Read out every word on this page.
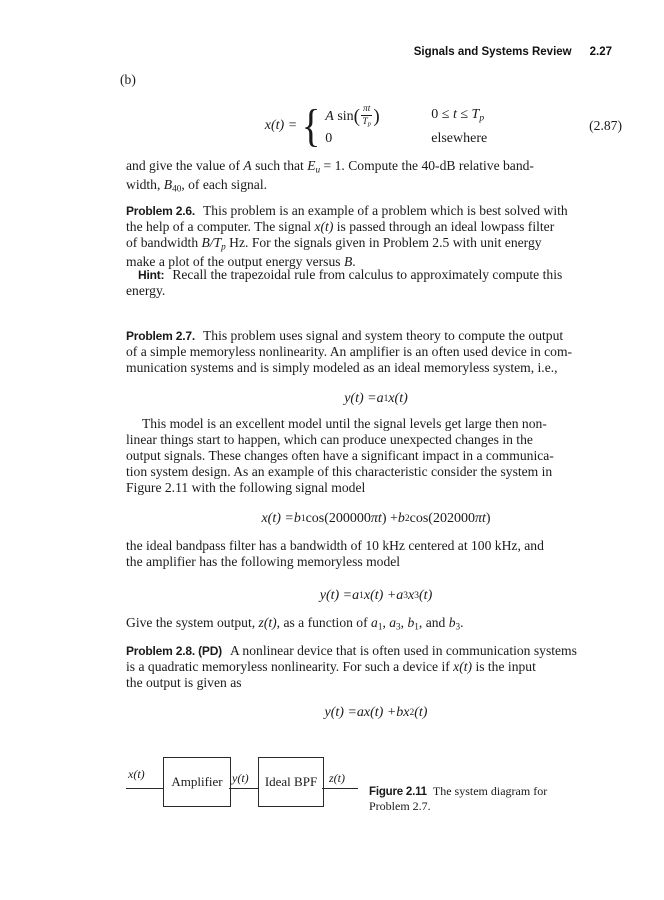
Signals and Systems Review 2.27
(b)
x(t) = { A sin ( $\frac{\pi t}{Tp}$ )	0 ≤ t ≤ Tp
0	elsewhere
(2.87)

and give the value of A such that Eu = 1. Compute the 40-dB relative band-
width, B40, of each signal.

Problem 2.6. This problem is an example of a problem which is best solved with
the help of a computer. The signal x(t) is passed through an ideal lowpass filter
of bandwidth B/Tp Hz. For the signals given in Problem 2.5 with unit energy
make a plot of the output energy versus B.

Hint: Recall the trapezoidal rule from calculus to approximately compute this
energy.

Problem 2.7. This problem uses signal and system theory to compute the output
of a simple memoryless nonlinearity. An amplifier is an often used device in com-
munication systems and is simply modeled as an ideal memoryless system, i.e.,

y(t) = a 1 x(t)

This model is an excellent model until the signal levels get large then non-
linear things start to happen, which can produce unexpected changes in the
output signals. These changes often have a significant impact in a communica-
tion system design. As an example of this characteristic consider the system in
Figure 2.11 with the following signal model

x(t) = b 1 cos(200000 πt ) + b 2 cos(202000 πt )

the ideal bandpass filter has a bandwidth of 10 kHz centered at 100 kHz, and
the amplifier has the following memoryless model

y(t) = a 1 x(t) + a 3 x 3 (t)

Give the system output, z(t), as a function of a1, a3, b1, and b3.

Problem 2.8. (PD) A nonlinear device that is often used in communication systems
is a quadratic memoryless nonlinearity. For such a device if x(t) is the input
the output is given as

y(t) = ax(t) + bx 2 (t)
x(t) Amplifier y(t) Ideal BPF z(t)
Figure 2.11 The system diagram for Problem 2.7.
